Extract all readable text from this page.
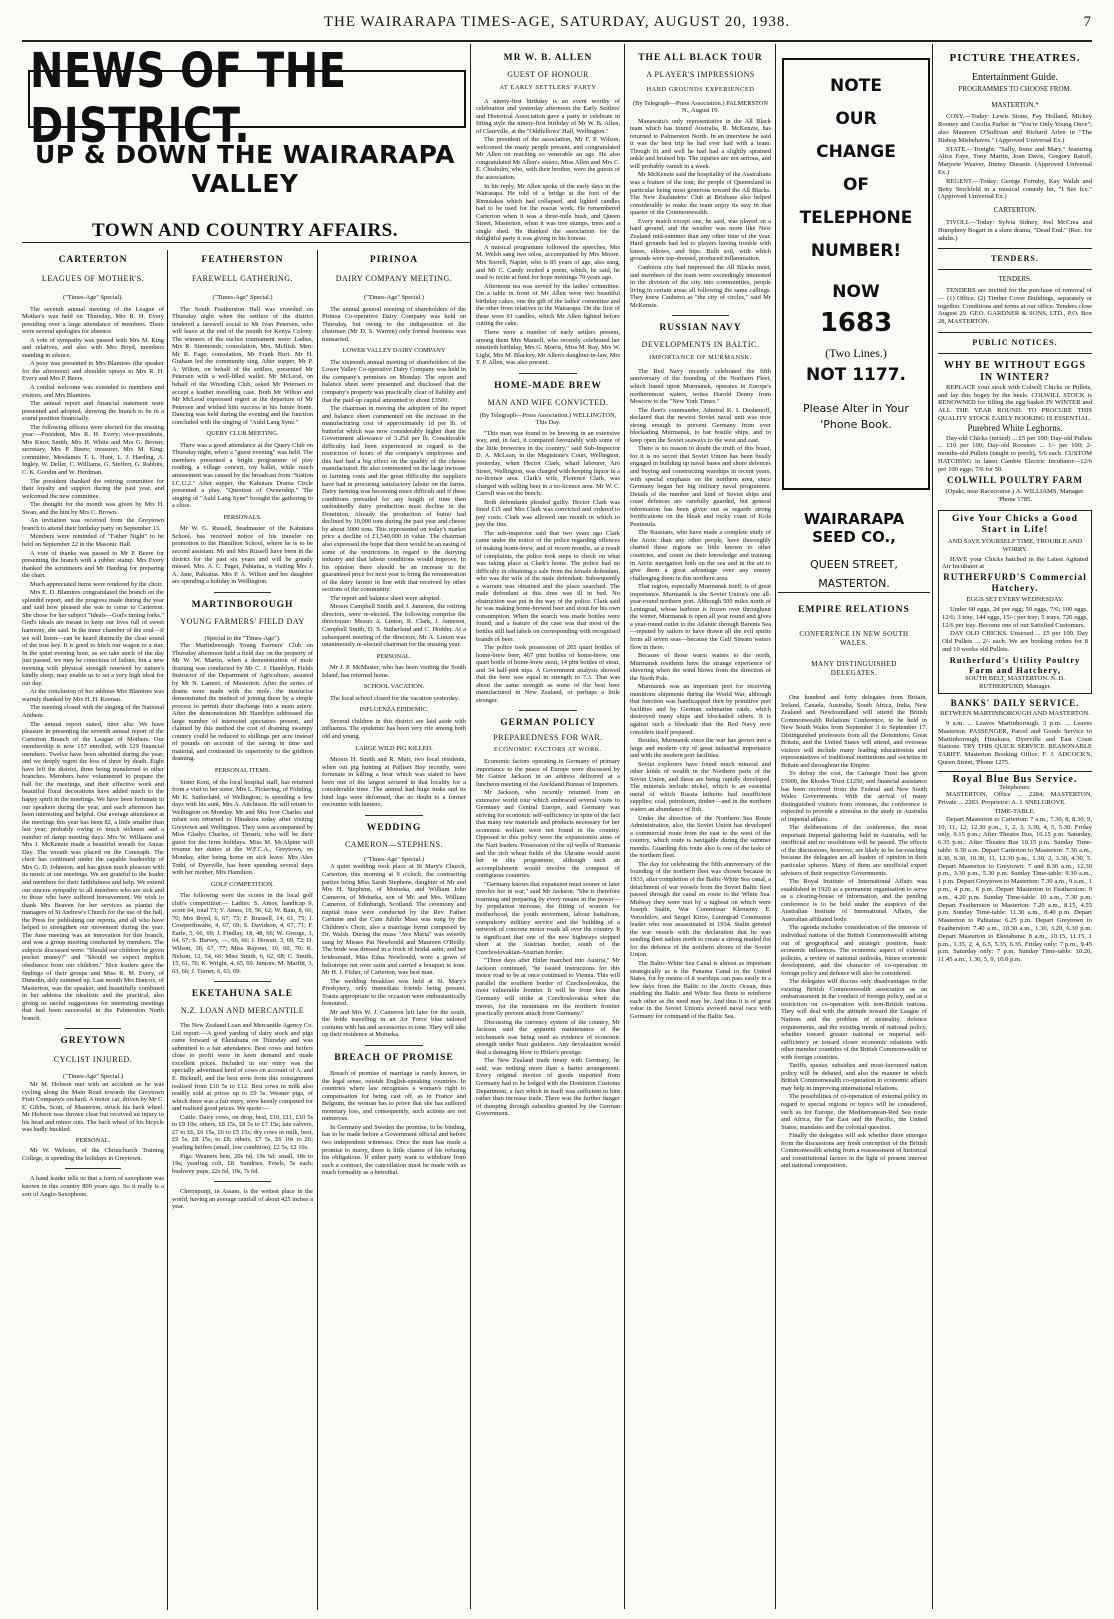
THE WAIRARAPA TIMES-AGE, SATURDAY, AUGUST 20, 1938.	7
NEWS OF THE DISTRICT.
UP & DOWN THE WAIRARAPA VALLEY
TOWN AND COUNTRY AFFAIRS.
CARTERTON
LEAGUES OF MOTHER'S.
("Times-Age" Special).

The seventh annual meeting of the League of Mother's was held on Thursday, Mrs R. H. Every presiding over a large attendance of members. There were several apologies for absence.

A vote of sympathy was passed with Mrs M. King and relatives, and also with Mrs Boyd, members standing in silence.

A posy was presented to Mrs Blamires (the speaker for the afternoon) and shoulder sprays to Mrs R. H. Every and Mrs P. Beere.

A cordial welcome was extended to members and visitors, and Mrs Blamires.

The annual report and financial statement were presented and adopted, showing the branch to be in a sound position financially.

The following officers were elected for the ensuing year:—President, Mrs R. H. Every; vice-presidents, Mrs Knox Smith, Mrs H. White and Mrs G. Brown; secretary, Mrs P. Beere; treasurer, Mrs M. King; committee, Mesdames T. L. Hunt, L. J. Harding, A. Ingley, W. Deller, C. Williams, G. Steffert, G. Rabbits, C. K. Goodin and W. Herdman.

The president thanked the retiring committee for their loyalty and support during the past year, and welcomed the new committee.

The thought for the month was given by Mrs H. Swan, and the hint by Mrs C. Brown.

An invitation was received from the Greytown branch to attend their birthday party on September 13.

Members were reminded of "Father Night" to be held on September 22 in the Masonic Hall.

A vote of thanks was passed to Mr P. Beere for presenting the branch with a rubber stamp. Mrs Every thanked the scrutineers and Mr Harding for preparing the chart.

Much appreciated items were rendered by the choir.

Mrs E. D. Blamires congratulated the branch on the splendid report, and the progress made during the year and said how pleased she was to come to Carterton. She chose for her subject "Ideals—God's timing forks." God's ideals are meant to keep our lives full of sweet harmony, she said. In the inner chamber of the soul—if we will listen—can be heard distinctly the clear sound of the true key. It is good to hitch our wagon to a star. In the quiet evening hour, as we take stock of the day just passed, we may be conscious of failure, but a new morning with physical strength renewed by nature's kindly sleep, may enable us to set a very high ideal for our day.

At the conclusion of her address Mrs Blamires was warmly thanked by Mrs H. H. Keenan.

The meeting closed with the singing of the National Anthem.

The annual report stated, inter alia: We have pleasure in presenting the seventh annual report of the Carterton Branch of the League of Mothers. Our membership is now 157 enrolled, with 129 financial members. Twelve have been admitted during the year; and we deeply regret the loss of three by death. Eight have left the district, three being transferred to other branches. Members have volunteered to prepare the hall for the meetings, and their effective work and beautiful floral decorations have added much to the happy spirit in the meetings. We have been fortunate in our speakers during the year, and each afternoon has been interesting and helpful. Our average attendance at the meetings this year has been 82, a little smaller than last year, probably owing to much sickness and a number of damp meeting days. Mrs W. Williams and Mrs J. McKenzie made a beautiful wreath for Anzac Day. The wreath was placed on the Cenotaph. The choir has continued under the capable leadership of Mrs G. D. Johnston, and has given much pleasure with its music at our meetings. We are grateful to the leader and members for their faithfulness and help. We extend our sincere sympathy to all members who are sick and to those who have suffered bereavement. We wish to thank Mrs Beaven for her services as pianist the managers of St Andrew's Church for the use of the hall, the Press for publishing our reports, and all who have helped to strengthen our movement during the year. The June meeting was an innovation for this branch, and was a group meeting conducted by members. The subjects discussed were: "Should our children be given pocket money?" and "Should we expect implicit obedience from our children." Nice leaders gave the findings of their groups and Miss R. M. Every, of Dunedin, ably summed up. Last month Mrs Hancox, of Masterton, was the speaker, and beautifully combined in her address the idealistic and the practical, also giving us useful suggestions for interesting meetings that had been successful in the Palmerston North branch.

GREYTOWN
CYCLIST INJURED.
("Times-Age" Special.)

Mr M. Hobson met with an accident as he was cycling along the Main Road towards the Greytown Fruit Company's orchard. A motor car, driven by Mr C. E. Gibbs, Scott, of Masterton, struck his back wheel. Mr Hobson was thrown clear but received an injury to his head and minor cuts. The back wheel of his bicycle was badly buckled.

PERSONAL.

Mr W. Webster, of the Christchurch Training College, is spending the holidays in Greytown.

A band leader tells us that a form of saxophone was known in this country 800 years ago. So it really is a sort of Anglo-Saxophone.

FEATHERSTON
FAREWELL GATHERING.
("Times-Age" Special.)

The South Featherston Hall was crowded on Thursday night when the settlers of the district tendered a farewell social to Mr Ivan Petersen, who will leave at the end of the month for Kenya Colony. The winners of the euchre tournament were: Ladies, Mrs R. Simmonds; consolation, Mrs. McIlish. Men: Mr R. Fage; consolation, Mr Frank Burt. Mr H. Graham led the community sing. After supper, Mr P. A. Wilton, on behalf of the settlers, presented Mr Petersen with a well-filled wallet. Mr McLeod, on behalf of the Wrestling Club, asked Mr Petersen to accept a leather travelling case. Both Mr Wilton and Mr McLeod expressed regret at the departure of Mr Petersen and wished him success in his future home. Dancing was held during the evening and the function concluded with the singing of "Auld Lang Syne."

QUERY CLUB MEETING.

There was a good attendance at the Query Club on Thursday night, when a "guest evening" was held. The members presented a bright programme of play reading, a village concert, toy ballet, while much amusement was caused by the broadcast from "Station I.C.U.2." After supper, the Kahutara Drama Circle presented a play, "Question of Ownership." The singing of "Auld Lang Syne" brought the gathering to a close.

PERSONALS.

Mr W. G. Russell, headmaster of the Kahutara School, has received notice of his transfer on promotion to the Hamilton School, where he is to be second assistant. Mr and Mrs Russell have been in the district for the past six years and will be greatly missed. Mrs. A. C. Paget, Pahiatua, is visiting Mrs J. A. Jane, Pahiatua. Mrs P. A. Wilton and her daughter are spending a holiday in Wellington.

MARTINBOROUGH
YOUNG FARMERS' FIELD DAY
(Special to the "Times-Age").

The Martinborough Young Farmers' Club on Thursday afternoon held a field day on the property of Mr W. W. Martin, when a demonstration of mole draining was conducted by Mr C. J. Hamblyn, Fields Instructor of the Department of Agriculture, assisted by Mr N. Lamort, of Masterton. After the series of drains were made with the mole, the instructor demonstrated the method of joining them by a simple process to permit their discharge into a main artery. After the demonstration Mr Hamblyn addressed the large number of interested spectators present, and claimed by this method the cost of draining swampy country could be reduced to shillings per acre instead of pounds on account of the saving in time and material, and contrasted its superiority to the gridiron draining.

PERSONAL ITEMS.

Sister Kent, of the local hospital staff, has returned from a visit to her sister, Mrs L. Pickering, of Foliding. Mr K. Sutherland, of Wellington, is spending a few days with his aunt, Mrs A. Aitchison. He will return to Wellington on Monday. Mr and Mrs Ivor Charles and infant son returned to Hinakura today after visiting Greytown and Wellington. They were accompanied by Miss Gladys Charles, of Timaru, who will be their guest for the term holidays. Miss M. McAlpine will resume her duties at the W.F.C.A., Greytown, on Monday, after being home on sick leave. Mrs Alex Todd, of Dyerville, has been spending several days with her mother, Mrs Hamilton.

GOLF COMPETITION.

The following were the scores in the local golf club's competition:— Ladies: S. Amos, handicap 9, score 64, total 73; V. Amos, 10, 56, 62; W. Bain, 8, 66, 70; Mrs Boyd, 6, 67, 73; F. Brassell, 14, 61, 75; J. Cowperthwaite, 4, 67, 69; S. Davidson, 4, 67, 71; F. Earle, 5, 66, 69; J. Findlay, 18, 48, 66; W. George, 3, 64, 67; S. Harvey, —, 66, 66; J. Howatt, 3, 69, 72; D. Wilson, 30, 67, 77; Miss Rayson, 10, 60, 70; K. Nelson, 12, 54, 66; Miss Smith, 6, 62, 68; C. Smith, 15, 61, 76; K. Wright, 4, 65, 69. Juniors: M. Marfitt, 3, 63, 66; J. Turner, 6, 63, 69.

EKETAHUNA SALE
N.Z. LOAN AND MERCANTILE

The New Zealand Loan and Mercantile Agency Co. Ltd report:—A good yarding of dairy stock and pigs came forward at Eketahuna on Thursday and was submitted to a fair attendance. Best cows and heifers close to profit were in keen demand and made excellent prices. Included in our entry was the specially advertised herd of cows on account of A. and E. Bicknell, and the best sorts from this consignment realised from £10 5s to £12. Best cows in milk also readily sold at prices up to £9 5s. Weaner pigs, of which there was a fair entry, were keenly competed for and realised good prices. We quote:—

Cattle: Dairy cows, on drop, best, £10, £11, £10 5s to £9 10s; others, £8 15s, £8 5s to £7 15s; late calvers, £7 to £6, £6 15s, £6 to £5 15s; dry cows in milk, best, £9 5s, £8 15s, to £8; others, £7 5s, £6 10s to £6; yearling heifers (small, low condition), £2 5s, £2 10s.

Pigs: Weaners best, 20s 6d, 19s 6d; small, 18s to 19s; yearling colt, £8. Sundries, Fowls, 5s each; bushwey pups, 22s 6d, 10s, 7s 6d.

Cherrapunji, in Assam, is the wettest place in the world, having an average rainfall of about 425 inches a year.

PIRINOA
DAIRY COMPANY MEETING.
("Times-Age" Special.)

The annual general meeting of shareholders of the Pirinoa Co-operative Dairy Company was held on Thursday, but owing to the indisposition of the chairman (Mr D. S. Warren) only formal business was transacted.

LOWER VALLEY DAIRY COMPANY

The sixteenth annual meeting of shareholders of the Lower Valley Co-operative Dairy Company was held in the company's premises on Monday. The report and balance sheet were presented and disclosed that the company's property was practically clear of liability and that the paid-up capital amounted to about £3500.

The chairman in moving the adoption of the report and balance sheet commented on the increase in the manufacturing cost of approximately 1d per lb. of butterfat which was now considerably higher than the Government allowance of 3.25d per lb. Considerable difficulty had been experienced in regard to the restriction of hours of the company's employees and this had had a big effect on the quality of the cheese manufactured. He also commented on the large increase in farming costs and the great difficulty the suppliers have had in procuring satisfactory labour on the farms. Dairy farming was becoming more difficult and if these conditions prevailed for any length of time then undoubtedly dairy production must decline in the Dominion. Already the production of butter had declined by 10,000 tons during the past year and cheese by about 3000 tons. This represented on today's market price a decline of £1,540,000 in value. The chairman also expressed the hope that there would be an easing of some of the restrictions in regard to the dairying industry and that labour conditions would improve. In his opinion there should be an increase in the guaranteed price for next year to bring the remuneration of the dairy farmer in line with that received by other sections of the community.

The report and balance sheet were adopted.

Messrs Campbell Smith and J. Jameson, the retiring directors, were re-elected. The following comprise the directorate: Messrs A. Linton, R. Clark, J. Jameson, Campbell Smith, D. S. Sutherland and C. Hodder. At a subsequent meeting of the directors, Mr A. Linton was unanimously re-elected chairman for the ensuing year.

PERSONAL.

Mr J. P. McMaster, who has been visiting the South Island, has returned home.

SCHOOL VACATION.

The local school closed for the vacation yesterday.

INFLUENZA EPIDEMIC.

Several children in this district are laid aside with influenza. The epidemic has been very rife among both old and young.

LARGE WILD PIG KILLED.

Messrs H. Smith and R. Muir, two local residents, when out pig hunting at Palliser Bay recently, were fortunate in killing a boar which was stated to have been one of the largest secured in that locality for a considerable time. The animal had huge tusks and its hind legs were deformed, due no doubt to a former encounter with hunters.

WEDDING
CAMERON—STEPHENS.
("Times-Age" Special.)

A quiet wedding took place at St Mary's Church, Carterton, this morning at 9 o'clock, the contracting parties being Miss Sarah Stephens, daughter of Mr and Mrs H. Stephens, of Motueka, and William John Cameron, of Motueka, son of Mr. and Mrs. William Cameron, of Edinburgh, Scotland. The ceremony and nuptial mass were conducted by the Rev. Father Carmine and the Cum Jubilo Mass was sung by the Children's Choir, also a marriage hymn composed by Dr. Walsh. During the mass "Ave Maria" was sweetly sung by Misses Pat Newbould and Maureen O'Reilly. The bride was dressed in a frock of bridal satin, and her bridesmaid, Miss Edna Newbould, wore a gown of heliotrope net over satin and carried a bouquet to tone. Mr H. J. Fisher, of Carterton, was best man.

The wedding breakfast was held at St. Mary's Presbytery, only immediate friends being present. Toasts appropriate to the occasion were enthusiastically honoured.

Mr and Mrs W. J. Cameron left later for the south, the bride travelling in an Air Force blue tailored costume with hat and accessories to tone. They will take up their residence at Motueka.

BREACH OF PROMISE

Breach of promise of marriage is rarely known, in the legal sense, outside English-speaking countries. In countries where law recognises a woman's right to compensation for being cast off, as in France and Belgium, the woman has to prove that she has suffered monetary loss, and consequently, such actions are not numerous.

In Germany and Sweden the promise, to be binding, has to be made before a Government official and before two independent witnesses. Once the man has made a promise to marry, there is little chance of his refusing his obligations. If either party want to withdraw from such a contract, the cancellation must be made with as much formality as a betrothal.

MR W. B. ALLEN
GUEST OF HONOUR
AT EARLY SETTLERS' PARTY

A ninety-first birthday is an event worthy of celebration and yesterday afternoon the Early Settlers' and Historical Association gave a party to celebrate in fitting style the ninety-first birthday of Mr W. B. Allen, of Clareville, at the "Oddfellows' Hall, Wellington."

The president of the association, Mr F. P. Wilson, welcomed the many people present, and congratulated Mr Allen on reaching so venerable an age. He also congratulated Mr Allen's sisters, Miss Allen and Mrs C. E. Chisholm, who, with their brother, were the guests of the association.

In his reply, Mr Allen spoke of the early days in the Wairarapa. He told of a bridge at the foot of the Rimutakas which had collapsed, and lighted candles had to be used for the rescue work. He remembered Carterton when it was a three-mile bush, and Queen Street, Masterton, when it was tree stumps, trees and a single shed. He thanked the association for the delightful party it was giving in his honour.

A musical programme followed the speeches, Mrs M. Welsh sang two solos, accompanied by Mrs Moore. Mrs Sorrell, Napier, who is 85 years of age, also sang, and Mr C. Candy recited a poem, which, he said, he used to recite at fund for hope meetings 70 years ago.

Afternoon tea was served by the ladies' committee. On a table in front of Mr Allen were two beautiful birthday cakes, one the gift of the ladies' committee and the other from relatives in the Wairarapa. On the first of these were 91 candles, which Mr Allen lighted before cutting the cake.

There were a number of early settlers present, among them Mrs Mantell, who recently celebrated her ninetieth birthday, Mrs G. Morris, Miss M. Ray, Mrs W. Light, Mrs M. Blackey, Mr Allen's daughter-in-law, Mrs T. P. Allen, was also present.

HOME-MADE BREW
MAN AND WIFE CONVICTED.
(By Telegraph—Press Association.) WELLINGTON, This Day.

"This man was found to be brewing in an extensive way, and, in fact, it compared favourably with some of the little breweries in the country," said Sub-Inspector D. A. McLean, in the Magistrate's Court, Wellington, yesterday, when Hector Clark, wharf labourer, Aro Street, Wellington, was charged with keeping liquor in a no-licence area. Clark's wife, Florence Clark, was charged with selling beer in a no-licence area. Mr W. C. Carroll was on the bench.

Both defendants pleaded guilty. Hector Clark was fined £15 and Mrs Clark was convicted and ordered to pay costs. Clark was allowed one month in which to pay the fine.

The sub-inspector said that two years ago Clark came under the notice of the police regarding offences of making home-brew, and of recent months, as a result of complaints, the police took steps to check on what was taking place at Clark's home. The police had no difficulty in obtaining a sale from the female defendant, who was the wife of the male defendant. Subsequently a warrant was obtained and the place searched. The male defendant at this time was ill in bed. No obstruction was put in the way of the police. Clark said he was making home-brewed beer and stout for his own consumption. When the search was made bottles were found, and a feature of the case was that most of the bottles still had labels on corresponding with recognised brands of beer.

The police took possession of 265 quart bottles of home-brew beer, 467 pint bottles of home-brew, one quart bottle of home-brew stout, 14 pint bottles of stout, and 34 half-pint nips. A Government analysis showed that the beer was equal in strength to 7.3. That was about the same strength as some of the best beer manufactured in New Zealand, or perhaps a little stronger.

GERMAN POLICY
PREPAREDNESS FOR WAR.
ECONOMIC FACTORS AT WORK.

Economic factors operating in Germany of primary importance to the peace of Europe were discussed by Mr Gainor Jackson in an address delivered at a luncheon meeting of the Auckland Bureau of Importers.

Mr Jackson, who recently returned from an extensive world tour which embraced several visits to Germany and Central Europe, said Germany was striving for economic self-sufficiency in spite of the fact that many raw materials and products necessary for her economic welfare were not found in the country. Opposed to this policy were the expansionist aims of the Nazi leaders. Possession of the oil wells of Rumania and the rich wheat fields of the Ukraine would assist her in this programme, although such an accomplishment would involve the conquest of contiguous countries.

"Germany knows that expansion must sooner or later involve her in war," said Mr Jackson. "She is therefore rearming and preparing by every means in the power—by population increase, the fitting of women for motherhood, the youth movement, labour battalions, compulsory military service and the building of a network of concrete motor roads all over the country. It is significant that one of the new highways stopped short at the Austrian border, south of the Czechoslovakian-Austrian border.

"Three days after Hitler marched into Austria," Mr Jackson continued, "he issued instructions for this motor road to be at once continued to Vienna. This will parallel the southern border of Czechoslovakia, the most vulnerable frontier. It will be from here that Germany will strike at Czechoslovakia when she moves, for the mountains on the northern frontier practically prevent attack from Germany."

Discussing the currency system of the country, Mr Jackson said the apparent maintenance of the reichsmark was being used as evidence of economic strength under Nazi guidance. Any devaluation would deal a damaging blow to Hitler's prestige.

The New Zealand trade treaty with Germany, he said, was nothing more than a barter arrangement. Every original invoice of goods imported from Germany had to be lodged with the Dominion Customs Department, a fact which in itself was sufficient to hint rather than increase trade. There was the further danger of dumping through subsidies granted by the German Government.

THE ALL BLACK TOUR
A PLAYER'S IMPRESSIONS
HARD GROUNDS EXPERIENCED
(By Telegraph—Press Association.) PALMERSTON N., August 19.

Manawatu's only representative in the All Black team which has toured Australia, R. McKenzie, has returned to Palmerston North. In an interview he said it was the best trip he had ever had with a team. Though fit and well he had had a slightly sprained ankle and bruised hip. The injuries are not serious, and will probably vanish in a week.

Mr McKenzie said the hospitality of the Australians was a feature of the tour, the people of Queensland in particular being most generous toward the All Blacks. The New Zealanders' Club at Brisbane also helped considerably to make the team enjoy its stay in that quarter of the Commonwealth.

Every match except one, he said, was played on a hard ground, and the weather was more like New Zealand mid-summer than any other time of the year. Hard grounds had led to players having trouble with knees, elbows, and hips. Bulli soil, with which grounds were top-dressed, produced inflammation.

Canberra city had impressed the All Blacks most, and members of the team were exceedingly interested in the division of the city into communities, people living in certain areas all following the same callings. They knew Canberra as "the city of circles," said Mr McKenzie.

RUSSIAN NAVY
DEVELOPMENTS IN BALTIC.
IMPORTANCE OF MURMANSK.

The Red Navy recently celebrated the fifth anniversary of the founding of the Northern Fleet, which based upon Murmansk, operates in Europe's northernmost waters, writes Harold Denny from Moscow to the "New York Times."

The fleet's commander, Admiral K. I. Dushenoff, declared that the newest Soviet naval unit was now strong enough to prevent Germany from ever blockading Murmansk, to bar hostile ships, and to keep open the Soviet seaways to the west and east.

There is no reason to doubt the truth of this boast, for it is no secret that Soviet Union has been busily engaged in building up naval bases and shore defences and buying and constructing warships in recent years, with special emphasis on the northern area, since Germany began her big military naval programme. Details of the number and kind of Soviet ships and coast defences are carefully guarded, but general information has been given out as regards strong fortifications on the bleak and rocky coast of Kola Peninsula.

The Russians, who have made a complete study of the Arctic than any other people, have thoroughly charted these regions so little known to other countries, and count on their knowledge and training in Arctic navigation both on the sea and in the air to give them a great advantage over any enemy challenging them in this northern area.

That region, especially Murmansk itself, is of great importance. Murmansk is the Soviet Union's one all-year-round northern port. Although 500 miles north of Leningrad, whose harbour is frozen over throughout the winter, Murmansk is open all year round and gives a year-round outlet to the Atlantic through Barents Sea—reputed by sailors to have drawn all the evil spirits from all seven seas—because the Gulf Stream waters flow in there.

Because of those warm waters to the north, Murmansk residents have the strange experience of shivering when the wind blows from the direction of the North Pole.

Murmansk was an important port for receiving munitions shipments during the World War, although that function was handicapped then by primitive port facilities and by German submarine raids, which destroyed many ships and blockaded others. It is against such a blockade that the Red Navy now considers itself prepared.

Besides, Murmansk since the war has grown into a large and modern city of great industrial importance and with the modern port facilities.

Soviet explorers have found much mineral and other kinds of wealth in the Northern parts of the Soviet Union, and these are being rapidly developed. The minerals include nickel, which is an essential metal of which Russia hitherto had insufficient supplies; coal, petroleum, timber—and in the northern waters an abundance of fish.

Under the direction of the Northern Sea Route Administration, also, the Soviet Union has developed a commercial route from the east to the west of the country, which route is navigable during the summer months. Guarding this route also is one of the tasks of the northern fleet.

The day for celebrating the fifth anniversary of the founding of the northern fleet was chosen because in 1933, after completion of the Baltic-White Sea canal, a detachment of war vessels from the Soviet Baltic fleet passed through the canal en route to the White Sea. Midway they were met by a tugboat on which were Joseph Stalin, War Commissar Klementy E. Voroshilov, and Sergei Kirov, Leningrad Communist leader who was assassinated in 1934. Stalin greeted the war vessels with the declaration that he was sending fleet sailors north to create a strong mailed fist for the defence of the northern shores of the Soviet Union.

The Baltic-White Sea Canal is almost as important strategically as is the Panama Canal to the United States, for by means of it warships can pass easily in a few days from the Baltic to the Arctic Ocean, thus enabling the Baltic and White Sea fleets to reinforce each other as the need may be. And thus it is of great value in the Soviet Union's avowed naval race with Germany for command of the Baltic Sea.

NOTE
OUR
CHANGE
OF
TELEPHONE
NUMBER!
NOW
1683
(Two Lines.)
NOT 1177.
Please Alter in Your 'Phone Book.
WAIRARAPA SEED CO.,
QUEEN STREET,
MASTERTON.
EMPIRE RELATIONS
CONFERENCE IN NEW SOUTH WALES.
MANY DISTINGUISHED DELEGATES.

One hundred and forty delegates from Britain, Ireland, Canada, Australia, South Africa, India, New Zealand and Newfoundland will attend the British Commonwealth Relations Conference, to be held in New South Wales from September 3 to September 17. Distinguished professors from all the Dominions, Great Britain, and the United States will attend, and overseas visitors will include many leading educationists and representatives of traditional institutions and societies in Britain and throughout the Empire.

To defray the cost, the Carnegie Trust has given £5000, the Rhodes Trust £1250, and financial assistance has been received from the Federal and New South Wales Governments. With the arrival of many distinguished visitors from overseas, the conference is expected to provide a stimulus to the study in Australia of imperial affairs.

The deliberations of the conference, the most important Imperial gathering held in Australia, will be unofficial and no resolutions will be passed. The effects of the discussions, however, are likely to be far-reaching because the delegates are all leaders of opinion in their particular spheres. Many of them are unofficial expert advisers of their respective Governments.

The Royal Institute of International Affairs was established in 1920 as a permanent organisation to serve as a clearing-house of information, and the pending conference is to be held under the auspices of the Australian Institute of International Affairs, the Australian affiliated body.

The agenda includes consideration of the interests of individual nations of the British Commonwealth arising out of geographical and strategic position, basic economic influences. The economic aspect of external policies, a review of national outlooks, future economic development, and the character of co-operation in foreign policy and defence will also be considered.

The delegates will discuss only disadvantages in the existing British Commonwealth association as an embarrassment in the conduct of foreign policy, and as a restriction on co-operation with non-British nations. They will deal with the attitude toward the League of Nations and the problem of neutrality, defence requirements, and the existing trends of national policy, whether toward greater national or imperial self-sufficiency or toward closer economic relations with other member countries of the British Commonwealth or with foreign countries.

Tariffs, quotas, subsidies and most-favoured nation policy will be debated, and also the manner in which British Commonwealth co-operation in economic affairs may help in improving international relations.

The possibilities of co-operation of external policy in regard to special regions or topics will be considered, such as for Europe, the Mediterranean-Red Sea route and Africa, the Far East and the Pacific, the United States; mandates and the colonial question.

Finally the delegates will ask whether there emerges from the discussions any fresh conception of the British Commonwealth arising from a reassessment of historical and constitutional factors in the light of present interest and national composition.

PICTURE THEATRES.
Entertainment Guide.
PROGRAMMES TO CHOOSE FROM.
MASTERTON.*

COSY.—Today: Lewis Stone, Fay Holland, Mickey Rooney and Cecilia Parker in "You're Only Young Once"; also Maureen O'Sullivan and Richard Arlen in "The Bishop Misbehaves." (Approved Universal Ex.)

STATE.—Tonight: "Sally, Irene and Mary," featuring Alice Faye, Tony Martin, Joan Davis, Gregory Ratoff, Marjorie Weaver, Jimmy Durante. (Approved Universal Ex.)

REGENT.—Today: George Formby, Kay Walsh and Betty Stockfeld in a musical comedy hit, "I See Ice." (Approved Universal Ex.)

CARTERTON.

TIVOLI.—Today: Sylvia Sidney, Joel McCrea and Humphrey Bogart in a slum drama, "Dead End." (Rec. for adults.)

TENDERS.
TENDERS.

TENDERS are invited for the purchase of removal of— (1) Office. (2) Timber Cover Buildings, separately or together. Conditions and terms at our office. Tenders close August 29. GEO. GARDNER & SONS, LTD., P.O. Box 28, MASTERTON.

PUBLIC NOTICES.
WHY BE WITHOUT EGGS IN WINTER?

REPLACE your stock with Colwill Chicks or Pullets, and lay this bogey by the heels. COLWILL STOCK is RENOWNED for filling the egg basket IN WINTER and ALL THE YEAR ROUND. TO PROCURE THIS QUALITY STOCK EARLY BOOKING IS ESSENTIAL.

Purebred White Leghorns.

Day-old Chicks (mixed) ... £5 per 100; Day-old Pullets ... £10 per 100; Day-old Roosters ... 1/- per 100; 2-months-old Pullets (taught to perch), 5/6 each. CUSTOM HATCHING in latest Cambie Electric Incubator—12/6 per 100 eggs; 7/6 for 50.

COLWILL POULTRY FARM
(Opaki, near Racecourse.) A. WILLIAMS, Manager. 'Phone 1785.
Give Your Chicks a Good Start in Life!
AND SAVE YOURSELF TIME, TROUBLE AND WORRY.

HAVE your Chicks hatched in the Latest Agitated Air Incubator at

RUTHERFURD'S Commercial Hatchery.
EGGS SET EVERY WEDNESDAY.

Under 60 eggs, 2d per egg; 50 eggs, 7/6; 100 eggs, 12/6; 3 tray, 144 eggs, 15/-; per tray; 5 trays, 720 eggs, 12/6 per tray. Become one of our Satisfied Customers.

DAY OLD CHICKS. Unsexed ... £5 per 100. Day Old Pullets ... 2/- each. We are booking orders for 8 and 10 weeks old Pullets.

Rutherfurd's Utility Poultry Farm and Hatchery,
SOUTH BELT, MASTERTON. N. D. RUTHERFURD, Manager.
BANKS' DAILY SERVICE.
BETWEEN MARTINBOROUGH AND MASTERTON.

9 a.m. ... Leaves Martinborough. 3 p.m. ... Leaves Masterton. PASSENGER, Parcel and Goods Service to Martinborough, Hinakura, Dyerville and East Coast Stations. TRY THIS QUICK SERVICE. REASONABLE TARIFF. Masterton Booking Office: F. J. ADCOCK'S, Queen Street, 'Phone 1275.

Royal Blue Bus Service.
Telephones:

MASTERTON, Office ... 2284; MASTERTON, Private ... 2283. Proprietor: A. J. SNELGROVE.

TIME-TABLE.

Depart Masterton to Carterton: 7 a.m., 7.30, 8, 8.30, 9, 10, 11, 12, 12.30 p.m., 1, 2, 3, 3.30, 4, 5, 5.30. Friday only, 9.15 p.m.; After Theatre Bus, 10.15 p.m. Saturday, 6.35 p.m.; After Theatre Bus 10.15 p.m. Sunday Time-table: 9.30 a.m. Depart Carterton to Masterton: 7.30 a.m., 8.30, 9.30, 10.30, 11, 12.30 p.m., 1.30, 2, 3.30, 4.30, 5. Depart Masterton to Greytown: 7 and 8.30 a.m., 12.30 p.m., 3.30 p.m., 5.30 p.m. Sunday Time-table: 9.30 a.m., 1 p.m. Depart Greytown to Masterton: 7.30 a.m., 9 a.m., 1 p.m., 4 p.m., 6 p.m. Depart Masterton to Featherston: 9 a.m., 4.20 p.m. Sunday Time-table: 10 a.m., 7.30 p.m. Depart Featherston to Masterton: 7.20 a.m., 8.15, 4.55 p.m. Sunday Time-table: 11.30 a.m., 8.40 p.m. Depart Masterton to Pahiatua: 6.25 p.m. Depart Greytown to Featherston: 7.40 a.m., 10.30 a.m., 1.30, 3.20, 6.30 p.m. Depart Masterton to Eketahuna: 8 a.m., 10.15, 11.15, 1 p.m., 1.35, 2, 4, 6.5, 5.35, 6.35. Friday only: 7 p.m., 9.45 p.m. Saturday only: 7 p.m. Sunday Time-table: 10.20, 11.45 a.m., 1.30, 5, 9, 10.0 p.m.
